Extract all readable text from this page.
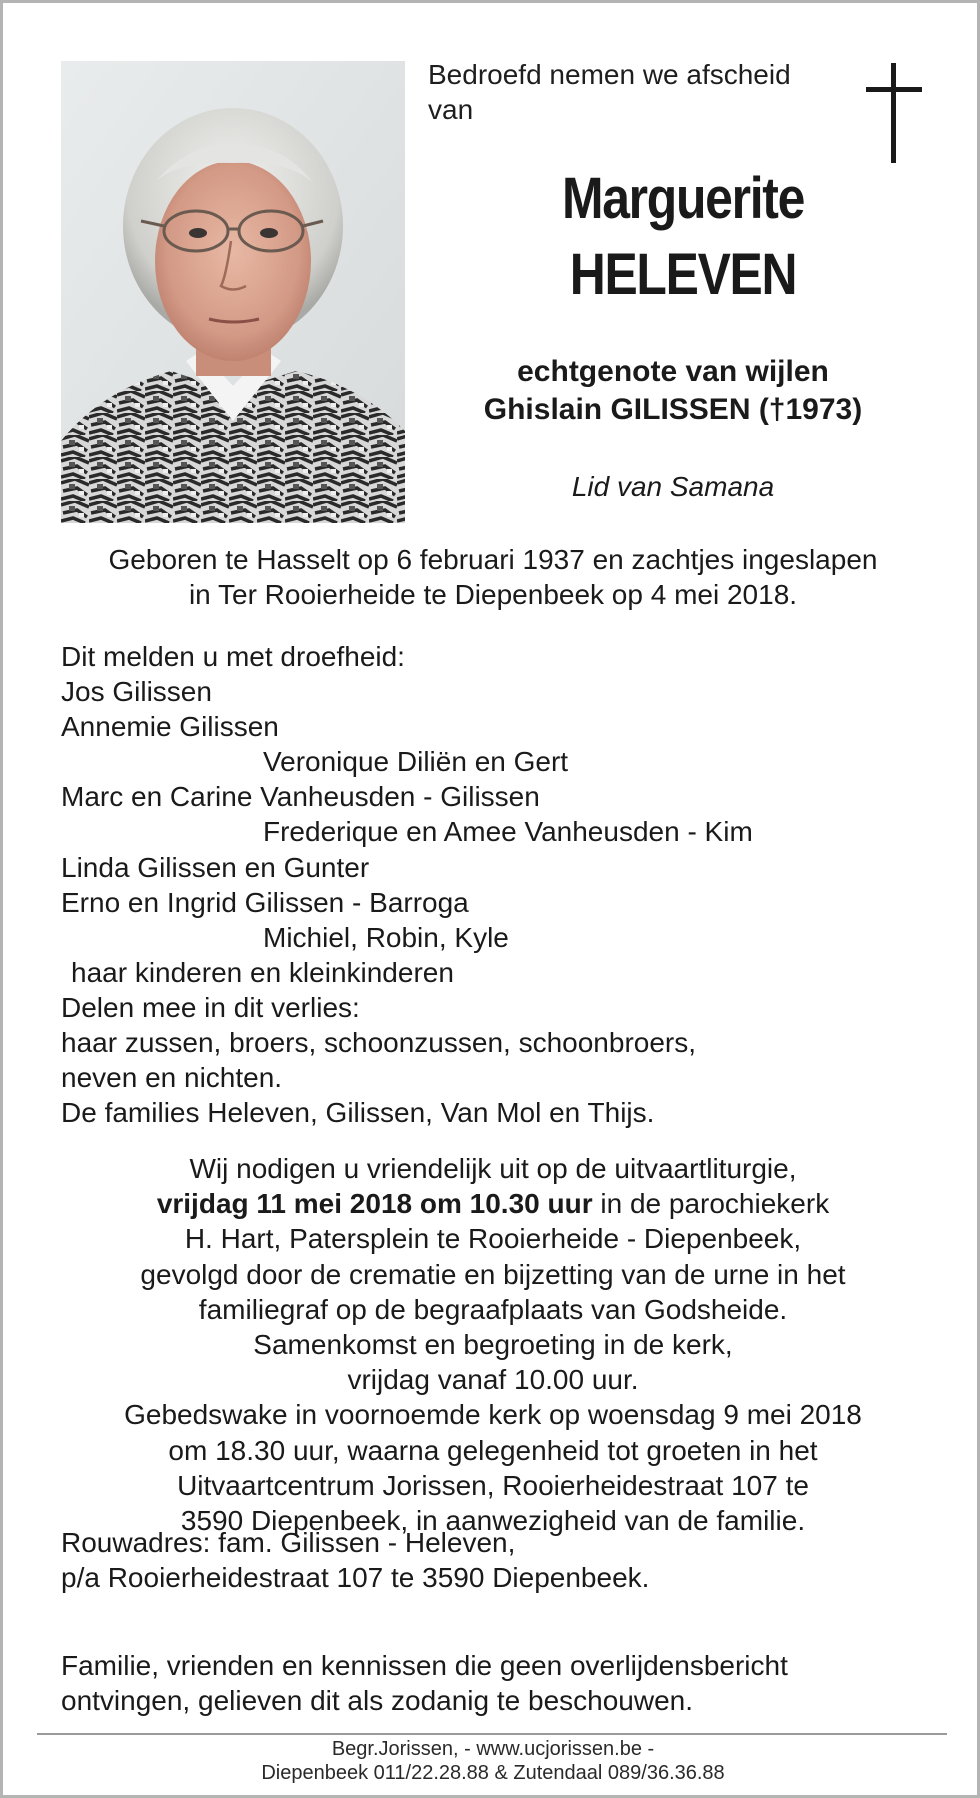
Bedroefd nemen we afscheid
van
Marguerite
HELEVEN
echtgenote van wijlen
Ghislain GILISSEN (†1973)
Lid van Samana
Geboren te Hasselt op 6 februari 1937 en zachtjes ingeslapen
in Ter Rooierheide te Diepenbeek op 4 mei 2018.
Dit melden u met droefheid:
Jos Gilissen
Annemie Gilissen
Veronique Diliën en Gert
Marc en Carine Vanheusden - Gilissen
Frederique en Amee Vanheusden - Kim
Linda Gilissen en Gunter
Erno en Ingrid Gilissen - Barroga
Michiel, Robin, Kyle
haar kinderen en kleinkinderen
Delen mee in dit verlies:
haar zussen, broers, schoonzussen, schoonbroers,
neven en nichten.
De families Heleven, Gilissen, Van Mol en Thijs.
Wij nodigen u vriendelijk uit op de uitvaartliturgie,
vrijdag 11 mei 2018 om 10.30 uur in de parochiekerk
H. Hart, Patersplein te Rooierheide - Diepenbeek,
gevolgd door de crematie en bijzetting van de urne in het
familiegraf op de begraafplaats van Godsheide.
Samenkomst en begroeting in de kerk,
vrijdag vanaf 10.00 uur.
Gebedswake in voornoemde kerk op woensdag 9 mei 2018
om 18.30 uur, waarna gelegenheid tot groeten in het
Uitvaartcentrum Jorissen, Rooierheidestraat 107 te
3590 Diepenbeek, in aanwezigheid van de familie.
Rouwadres: fam. Gilissen - Heleven,
p/a Rooierheidestraat 107 te 3590 Diepenbeek.
Familie, vrienden en kennissen die geen overlijdensbericht
ontvingen, gelieven dit als zodanig te beschouwen.
Begr.Jorissen, - www.ucjorissen.be -
Diepenbeek 011/22.28.88 & Zutendaal 089/36.36.88
